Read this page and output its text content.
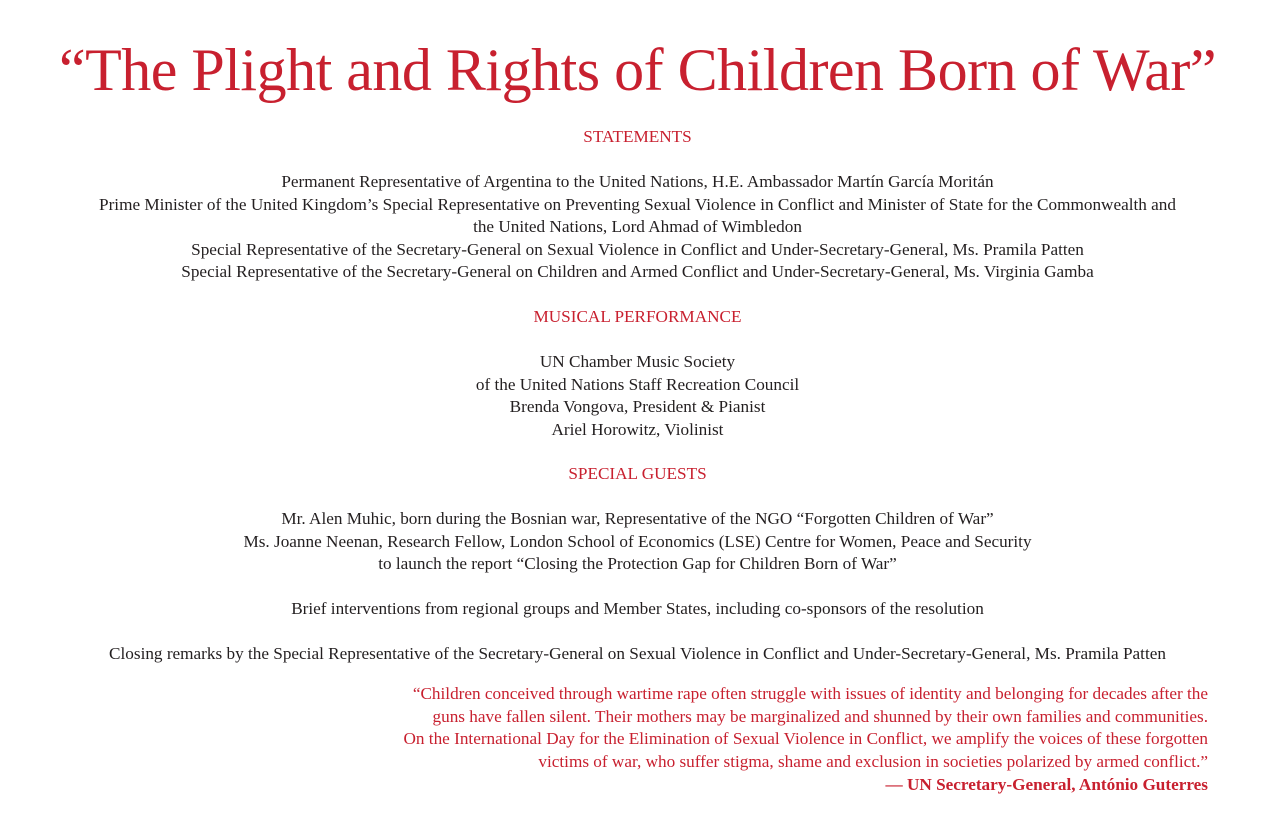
“The Plight and Rights of Children Born of War”
STATEMENTS
Permanent Representative of Argentina to the United Nations, H.E. Ambassador Martín García Moritán
Prime Minister of the United Kingdom’s Special Representative on Preventing Sexual Violence in Conflict and Minister of State for the Commonwealth and
the United Nations, Lord Ahmad of Wimbledon
Special Representative of the Secretary-General on Sexual Violence in Conflict and Under-Secretary-General, Ms. Pramila Patten
Special Representative of the Secretary-General on Children and Armed Conflict and Under-Secretary-General, Ms. Virginia Gamba
MUSICAL PERFORMANCE
UN Chamber Music Society
of the United Nations Staff Recreation Council
Brenda Vongova, President & Pianist
Ariel Horowitz, Violinist
SPECIAL GUESTS
Mr. Alen Muhic, born during the Bosnian war, Representative of the NGO “Forgotten Children of War”
Ms. Joanne Neenan, Research Fellow, London School of Economics (LSE) Centre for Women, Peace and Security
to launch the report “Closing the Protection Gap for Children Born of War”
Brief interventions from regional groups and Member States, including co-sponsors of the resolution
Closing remarks by the Special Representative of the Secretary-General on Sexual Violence in Conflict and Under-Secretary-General, Ms. Pramila Patten
“Children conceived through wartime rape often struggle with issues of identity and belonging for decades after the
guns have fallen silent. Their mothers may be marginalized and shunned by their own families and communities.
On the International Day for the Elimination of Sexual Violence in Conflict, we amplify the voices of these forgotten
victims of war, who suffer stigma, shame and exclusion in societies polarized by armed conflict.”
— UN Secretary-General, António Guterres
